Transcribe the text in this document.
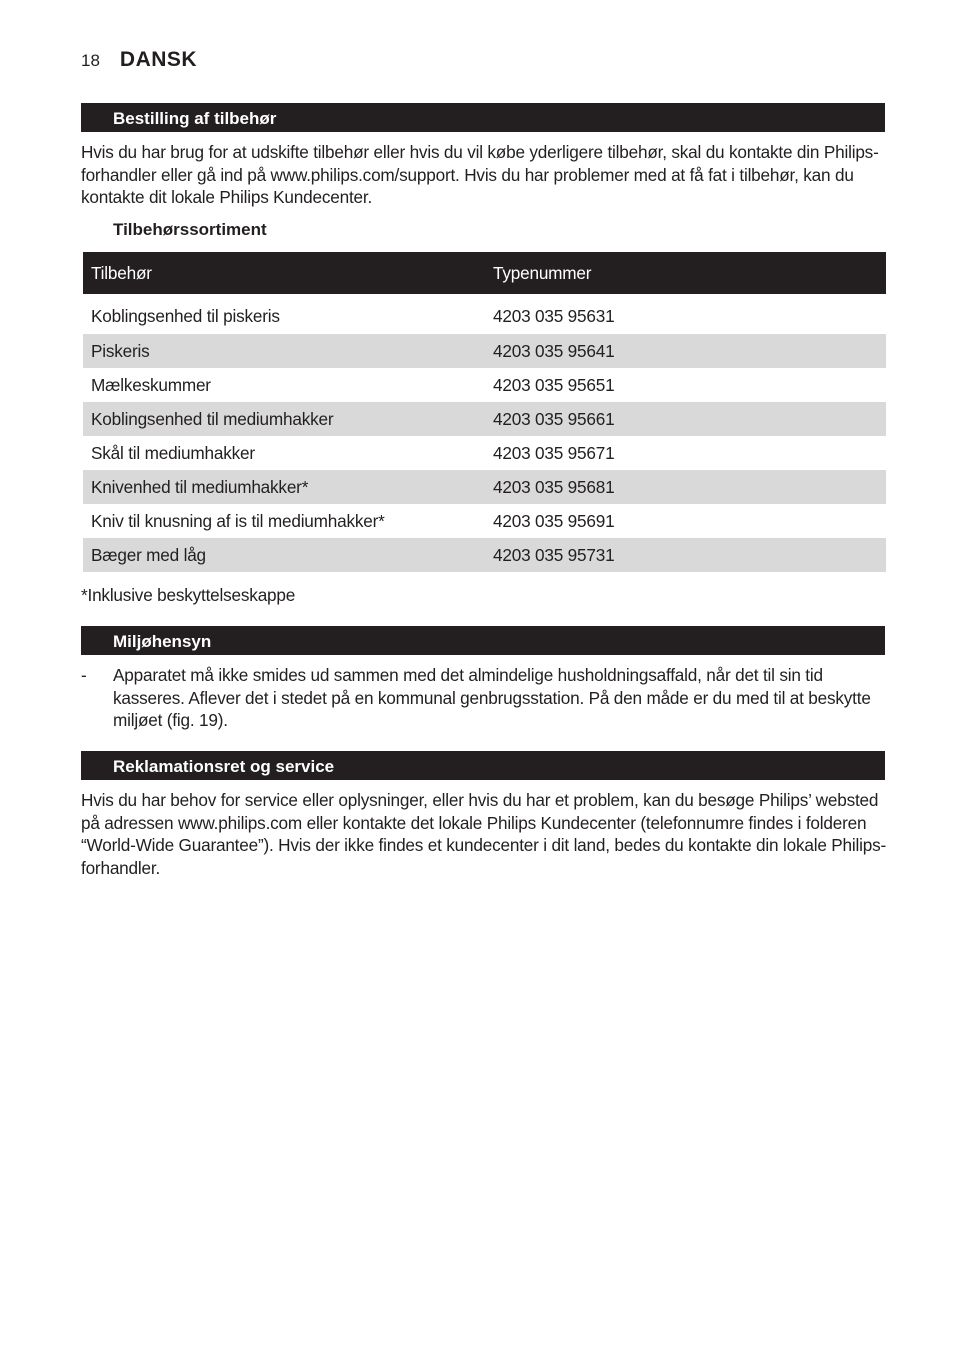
18 DANSK
Bestilling af tilbehør
Hvis du har brug for at udskifte tilbehør eller hvis du vil købe yderligere tilbehør, skal du kontakte din Philips-forhandler eller gå ind på www.philips.com/support. Hvis du har problemer med at få fat i tilbehør, kan du kontakte dit lokale Philips Kundecenter.
Tilbehørssortiment
Tilbehør	Typenummer
Koblingsenhed til piskeris	4203 035 95631
Piskeris	4203 035 95641
Mælkeskummer	4203 035 95651
Koblingsenhed til mediumhakker	4203 035 95661
Skål til mediumhakker	4203 035 95671
Knivenhed til mediumhakker*	4203 035 95681
Kniv til knusning af is til mediumhakker*	4203 035 95691
Bæger med låg	4203 035 95731
*Inklusive beskyttelseskappe
Miljøhensyn
-	Apparatet må ikke smides ud sammen med det almindelige husholdningsaffald, når det til sin tid kasseres. Aflever det i stedet på en kommunal genbrugsstation. På den måde er du med til at beskytte miljøet (fig. 19).
Reklamationsret og service
Hvis du har behov for service eller oplysninger, eller hvis du har et problem, kan du besøge Philips’ websted på adressen www.philips.com eller kontakte det lokale Philips Kundecenter (telefonnumre findes i folderen “World-Wide Guarantee”). Hvis der ikke findes et kundecenter i dit land, bedes du kontakte din lokale Philips-forhandler.
